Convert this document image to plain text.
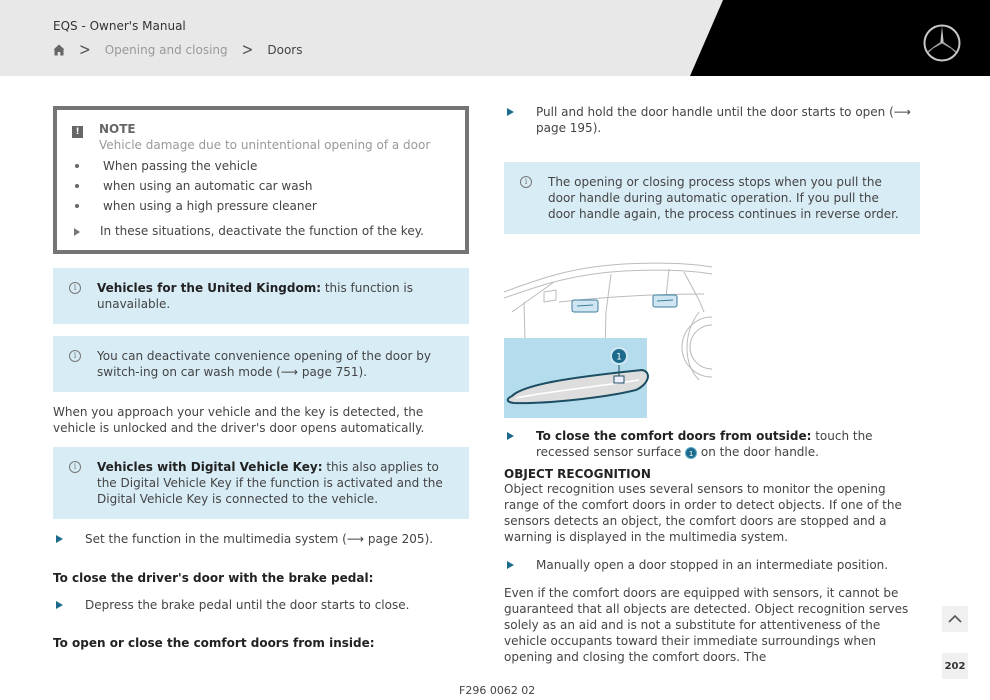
EQS - Owner's Manual
> Opening and closing > Doors
! NOTE
Vehicle damage due to unintentional opening of a door
When passing the vehicle
when using an automatic car wash
when using a high pressure cleaner
In these situations, deactivate the function of the key.
i	Vehicles for the United Kingdom: this function is unavailable.
i	You can deactivate convenience opening of the door by switch-ing on car wash mode (⟶ page 751).
When you approach your vehicle and the key is detected, the vehicle is unlocked and the driver's door opens automatically.
i	Vehicles with Digital Vehicle Key: this also applies to the Digital Vehicle Key if the function is activated and the Digital Vehicle Key is connected to the vehicle.
Set the function in the multimedia system (⟶ page 205).
To close the driver's door with the brake pedal:
Depress the brake pedal until the door starts to close.
To open or close the comfort doors from inside:
Pull and hold the door handle until the door starts to open (⟶ page 195).
i	The opening or closing process stops when you pull the door handle during automatic operation. If you pull the door handle again, the process continues in reverse order.
1
To close the comfort doors from outside: touch the recessed sensor surface 1 on the door handle.
OBJECT RECOGNITION
Object recognition uses several sensors to monitor the opening range of the comfort doors in order to detect objects. If one of the sensors detects an object, the comfort doors are stopped and a warning is displayed in the multimedia system.
Manually open a door stopped in an intermediate position.
Even if the comfort doors are equipped with sensors, it cannot be guaranteed that all objects are detected. Object recognition serves solely as an aid and is not a substitute for attentiveness of the vehicle occupants toward their immediate surroundings when opening and closing the comfort doors. The
202
F296 0062 02
